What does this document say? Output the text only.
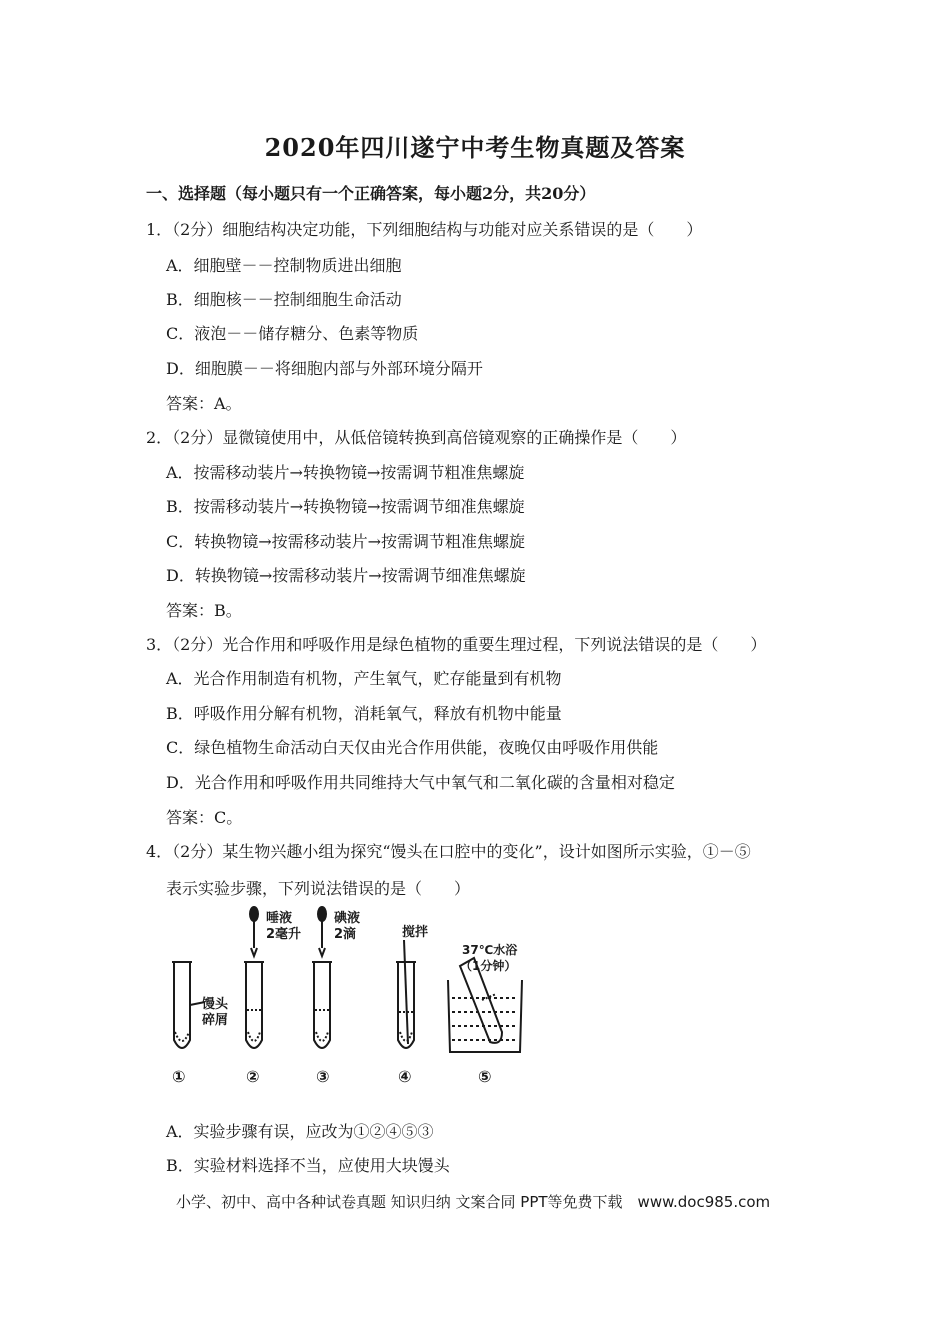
2020年四川遂宁中考生物真题及答案
一、选择题（每小题只有一个正确答案，每小题2分，共20分）
1．（2分）细胞结构决定功能，下列细胞结构与功能对应关系错误的是（　　）
A．细胞壁－－控制物质进出细胞
B．细胞核－－控制细胞生命活动
C．液泡－－储存糖分、色素等物质
D．细胞膜－－将细胞内部与外部环境分隔开
答案：A。
2．（2分）显微镜使用中，从低倍镜转换到高倍镜观察的正确操作是（　　）
A．按需移动装片→转换物镜→按需调节粗准焦螺旋
B．按需移动装片→转换物镜→按需调节细准焦螺旋
C．转换物镜→按需移动装片→按需调节粗准焦螺旋
D．转换物镜→按需移动装片→按需调节细准焦螺旋
答案：B。
3．（2分）光合作用和呼吸作用是绿色植物的重要生理过程，下列说法错误的是（　　）
A．光合作用制造有机物，产生氧气，贮存能量到有机物
B．呼吸作用分解有机物，消耗氧气，释放有机物中能量
C．绿色植物生命活动白天仅由光合作用供能，夜晚仅由呼吸作用供能
D．光合作用和呼吸作用共同维持大气中氧气和二氧化碳的含量相对稳定
答案：C。
4．（2分）某生物兴趣小组为探究“馒头在口腔中的变化”，设计如图所示实验，①－⑤
表示实验步骤，下列说法错误的是（　　）
馒头
碎屑
唾液
2毫升
碘液
2滴	搅拌
37℃水浴
（1分钟）
①	②	③	④	⑤
A．实验步骤有误，应改为①②④⑤③
B．实验材料选择不当，应使用大块馒头
小学、初中、高中各种试卷真题 知识归纳 文案合同 PPT等免费下载　www.doc985.com
